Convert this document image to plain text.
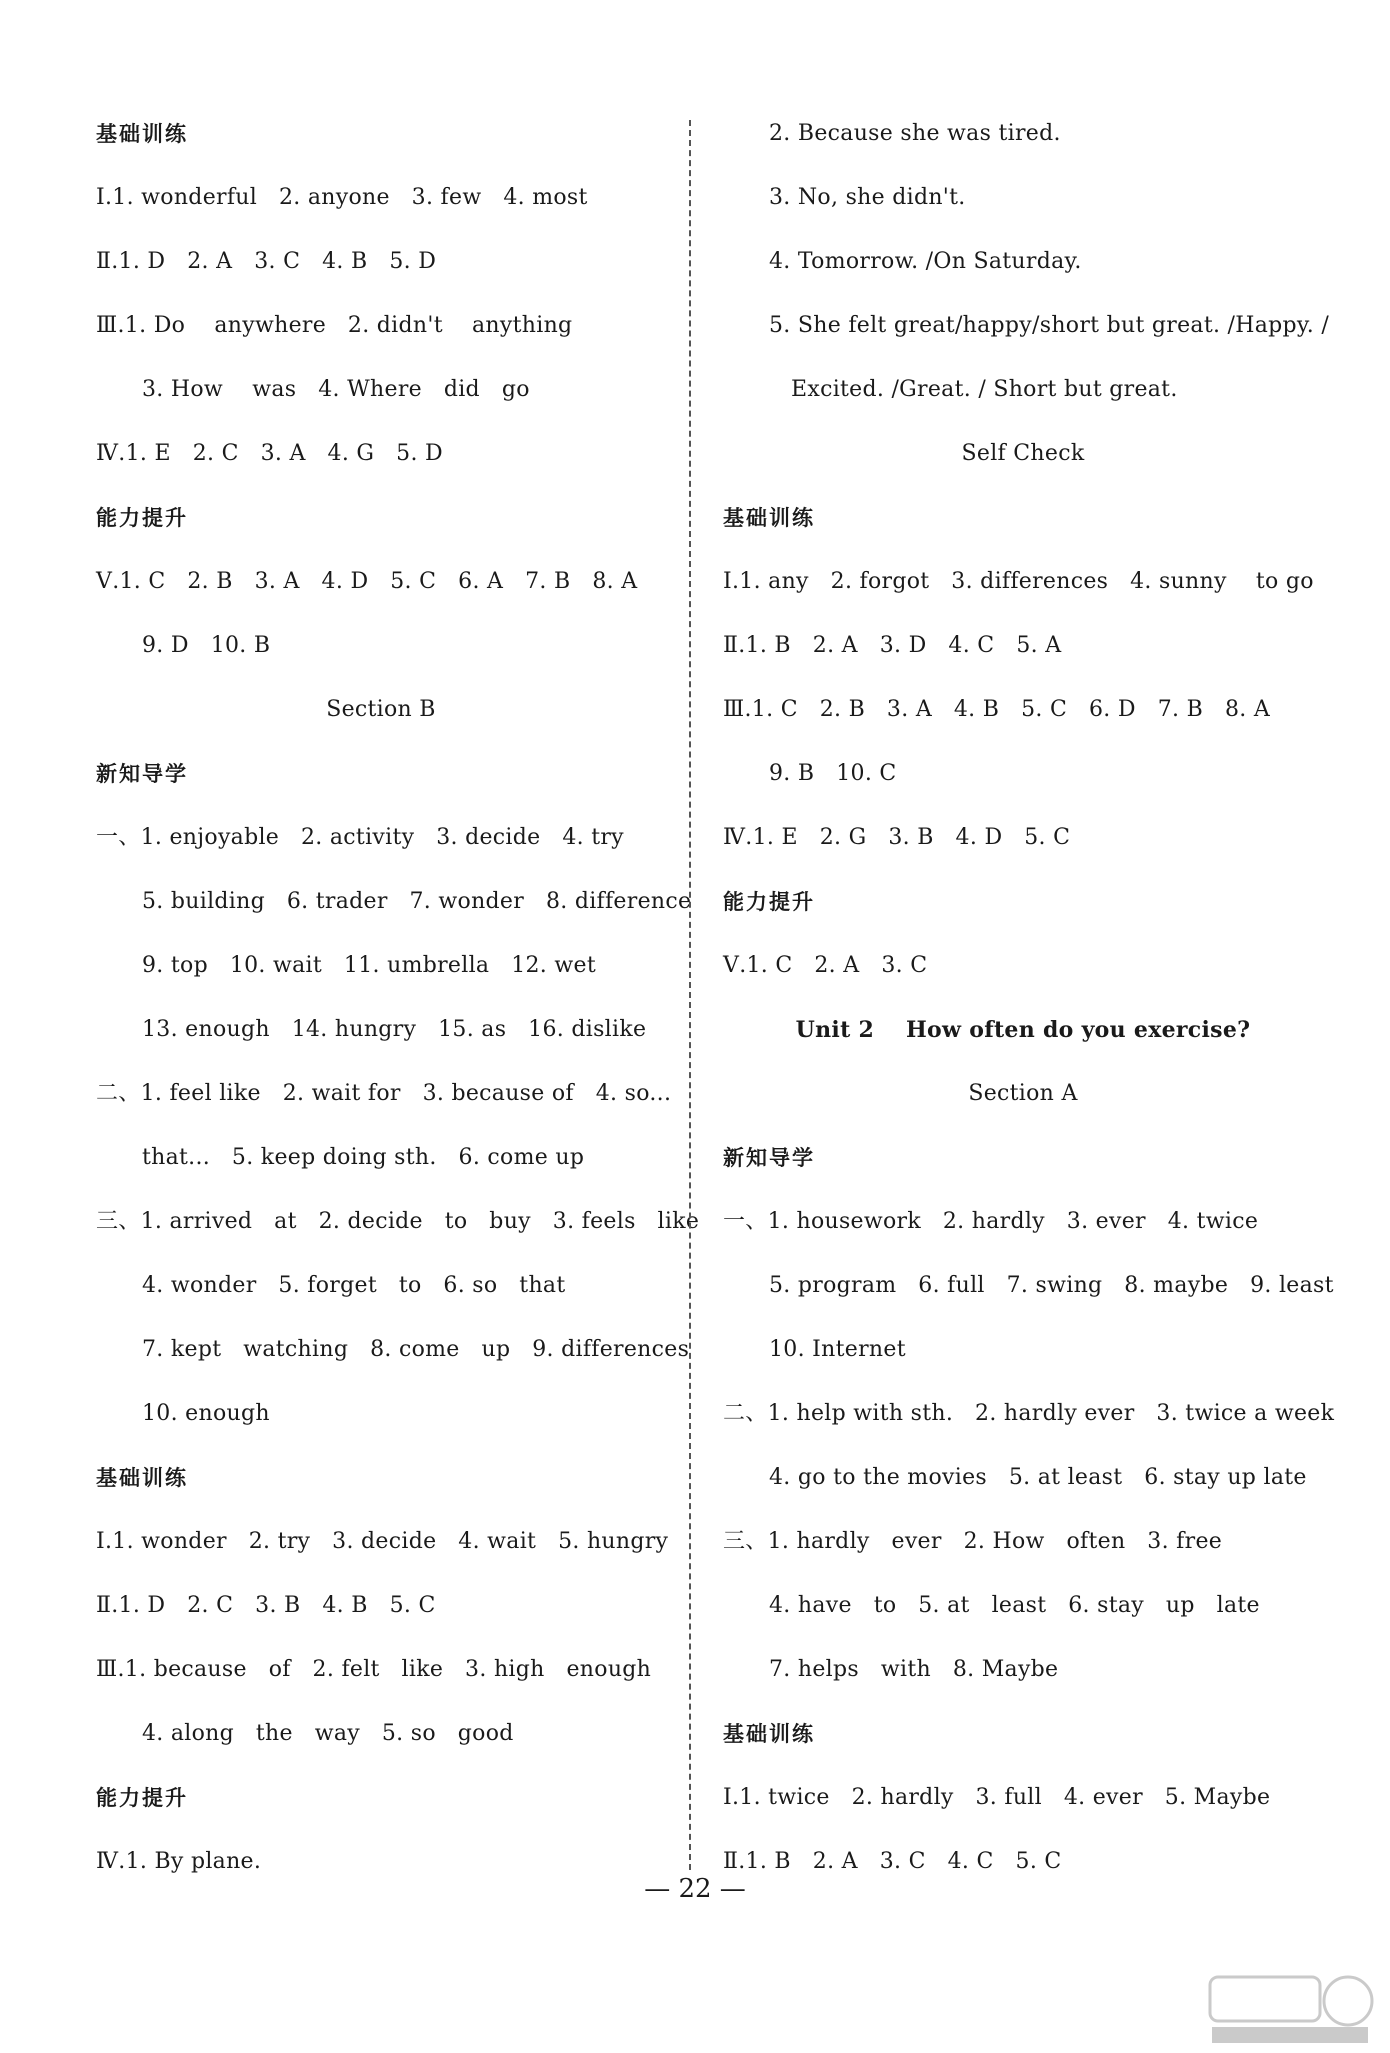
基础训练
Ⅰ.1. wonderful   2. anyone   3. few   4. most
Ⅱ.1. D   2. A   3. C   4. B   5. D
Ⅲ.1. Do    anywhere   2. didn't    anything
3. How    was   4. Where   did   go
Ⅳ.1. E   2. C   3. A   4. G   5. D
能力提升
Ⅴ.1. C   2. B   3. A   4. D   5. C   6. A   7. B   8. A
9. D   10. B
Section B
新知导学
一、1. enjoyable   2. activity   3. decide   4. try
5. building   6. trader   7. wonder   8. difference
9. top   10. wait   11. umbrella   12. wet
13. enough   14. hungry   15. as   16. dislike
二、1. feel like   2. wait for   3. because of   4. so...
that...   5. keep doing sth.   6. come up
三、1. arrived   at   2. decide   to   buy   3. feels   like
4. wonder   5. forget   to   6. so   that
7. kept   watching   8. come   up   9. differences
10. enough
基础训练
Ⅰ.1. wonder   2. try   3. decide   4. wait   5. hungry
Ⅱ.1. D   2. C   3. B   4. B   5. C
Ⅲ.1. because   of   2. felt   like   3. high   enough
4. along   the   way   5. so   good
能力提升
Ⅳ.1. By plane.
2. Because she was tired.
3. No, she didn't.
4. Tomorrow. /On Saturday.
5. She felt great/happy/short but great. /Happy. /
Excited. /Great. / Short but great.
Self Check
基础训练
Ⅰ.1. any   2. forgot   3. differences   4. sunny    to go
Ⅱ.1. B   2. A   3. D   4. C   5. A
Ⅲ.1. C   2. B   3. A   4. B   5. C   6. D   7. B   8. A
9. B   10. C
Ⅳ.1. E   2. G   3. B   4. D   5. C
能力提升
Ⅴ.1. C   2. A   3. C
Unit 2    How often do you exercise?
Section A
新知导学
一、1. housework   2. hardly   3. ever   4. twice
5. program   6. full   7. swing   8. maybe   9. least
10. Internet
二、1. help with sth.   2. hardly ever   3. twice a week
4. go to the movies   5. at least   6. stay up late
三、1. hardly   ever   2. How   often   3. free
4. have   to   5. at   least   6. stay   up   late
7. helps   with   8. Maybe
基础训练
Ⅰ.1. twice   2. hardly   3. full   4. ever   5. Maybe
Ⅱ.1. B   2. A   3. C   4. C   5. C
— 22 —
